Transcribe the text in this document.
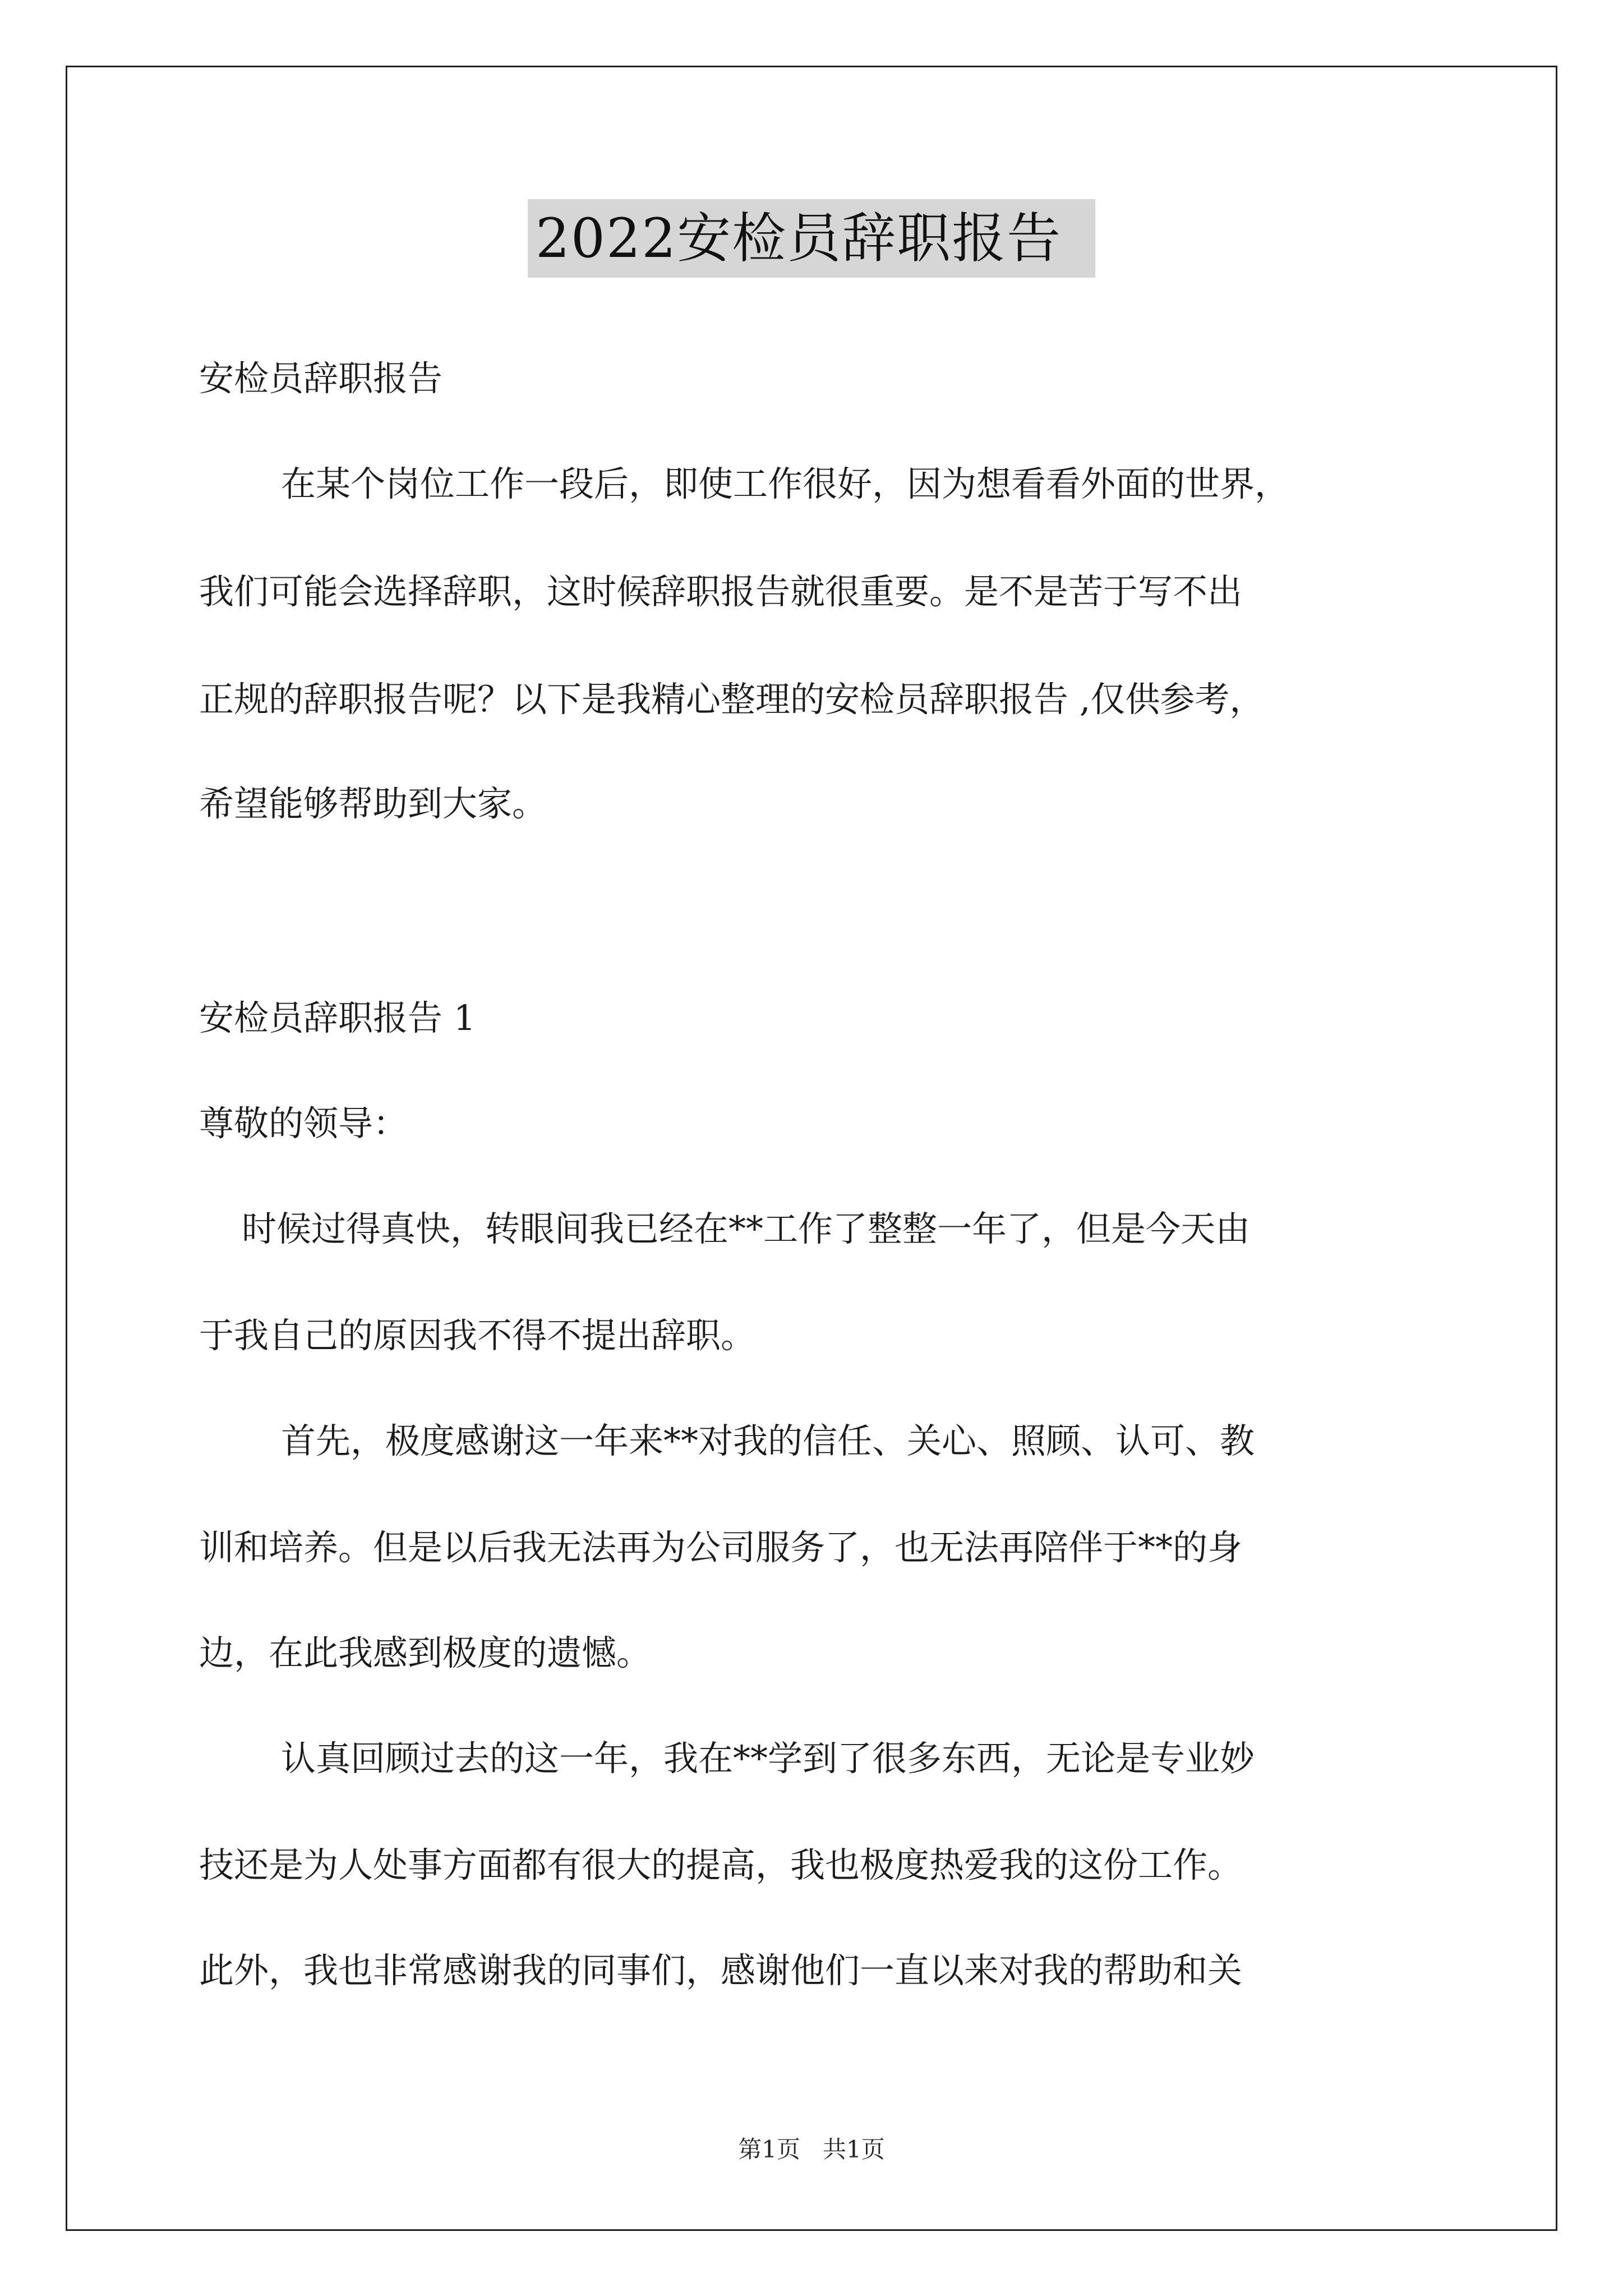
2022安检员辞职报告
安检员辞职报告
在某个岗位工作一段后，即使工作很好，因为想看看外面的世界，
我们可能会选择辞职，这时候辞职报告就很重要。是不是苦于写不出
正规的辞职报告呢？以下是我精心整理的安检员辞职报告 ,仅供参考，
希望能够帮助到大家。
安检员辞职报告 1
尊敬的领导：
时候过得真快，转眼间我已经在**工作了整整一年了，但是今天由
于我自己的原因我不得不提出辞职。
首先，极度感谢这一年来**对我的信任、关心、照顾、认可、教
训和培养。但是以后我无法再为公司服务了，也无法再陪伴于**的身
边，在此我感到极度的遗憾。
认真回顾过去的这一年，我在**学到了很多东西，无论是专业妙
技还是为人处事方面都有很大的提高，我也极度热爱我的这份工作。
此外，我也非常感谢我的同事们，感谢他们一直以来对我的帮助和关
第1页   共1页
